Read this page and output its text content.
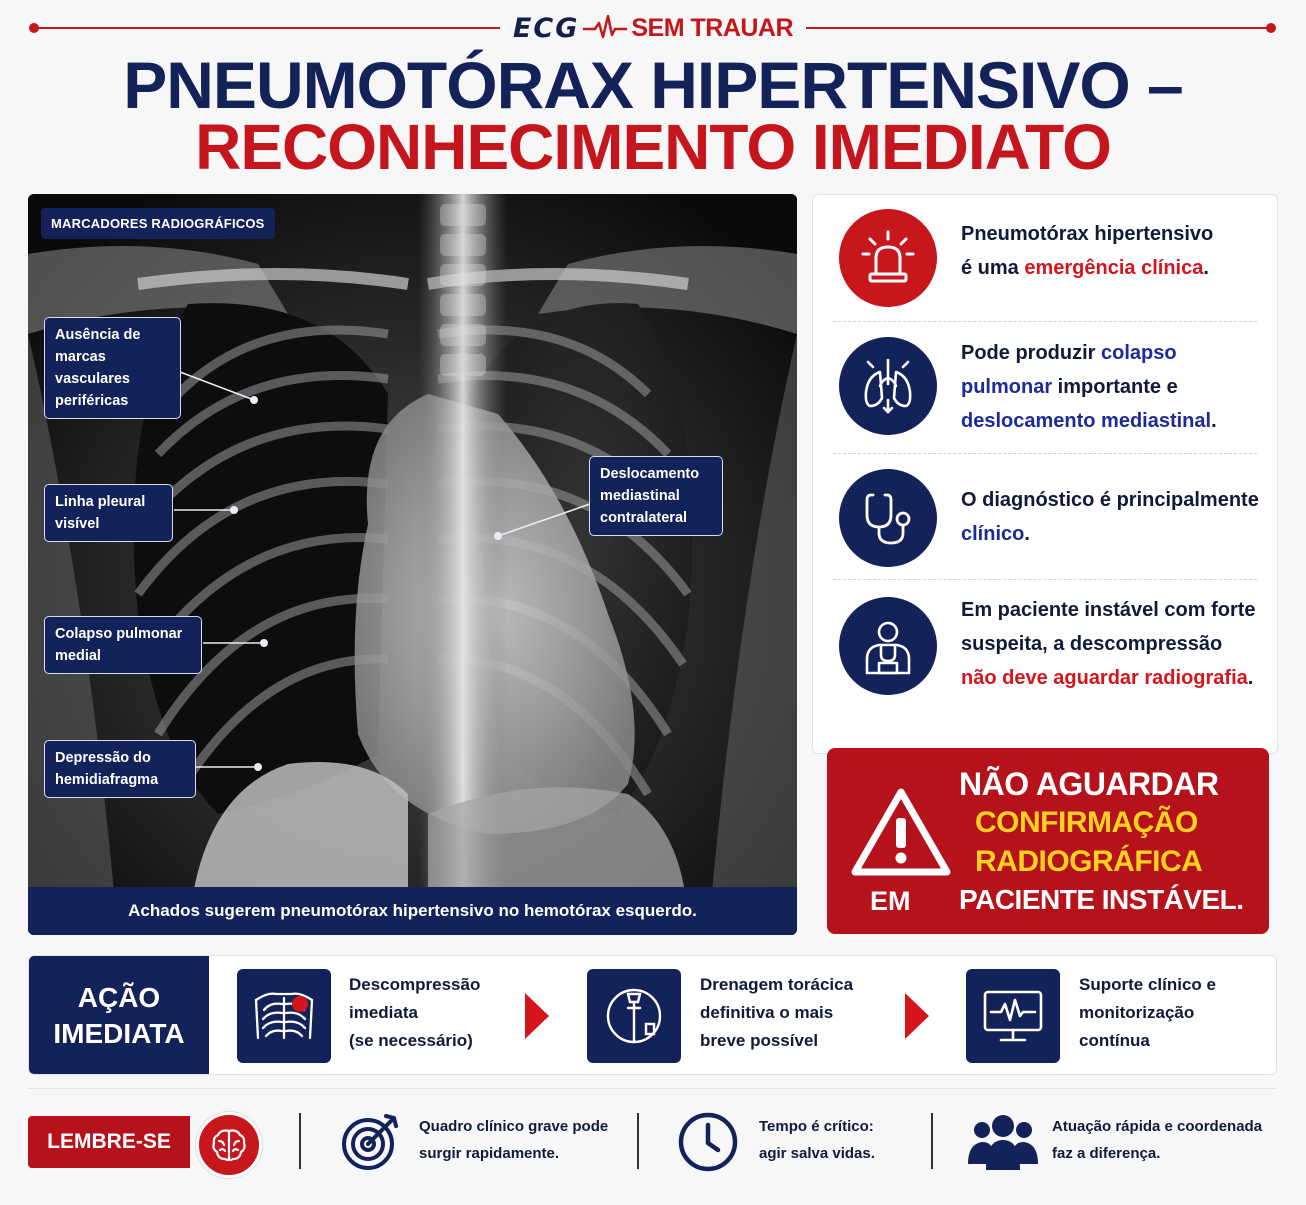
ECG SEM TRAUAR
PNEUMOTÓRAX HIPERTENSIVO –
RECONHECIMENTO IMEDIATO
MARCADORES RADIOGRÁFICOS
Ausência de marcas vasculares periféricas
Linha pleural visível
Colapso pulmonar medial
Depressão do hemidiafragma
Deslocamento mediastinal contralateral
Achados sugerem pneumotórax hipertensivo no hemotórax esquerdo.
Pneumotórax hipertensivo
é uma emergência clínica.
Pode produzir colapso pulmonar importante e deslocamento mediastinal.
O diagnóstico é principalmente clínico.
Em paciente instável com forte suspeita, a descompressão não deve aguardar radiografia.
NÃO AGUARDAR
CONFIRMAÇÃO
RADIOGRÁFICA
EM PACIENTE INSTÁVEL.
AÇÃO
IMEDIATA
Descompressão
imediata
(se necessário)
Drenagem torácica
definitiva o mais
breve possível
Suporte clínico e
monitorização
contínua
LEMBRE-SE
Quadro clínico grave pode
surgir rapidamente.
Tempo é crítico:
agir salva vidas.
Atuação rápida e coordenada
faz a diferença.
